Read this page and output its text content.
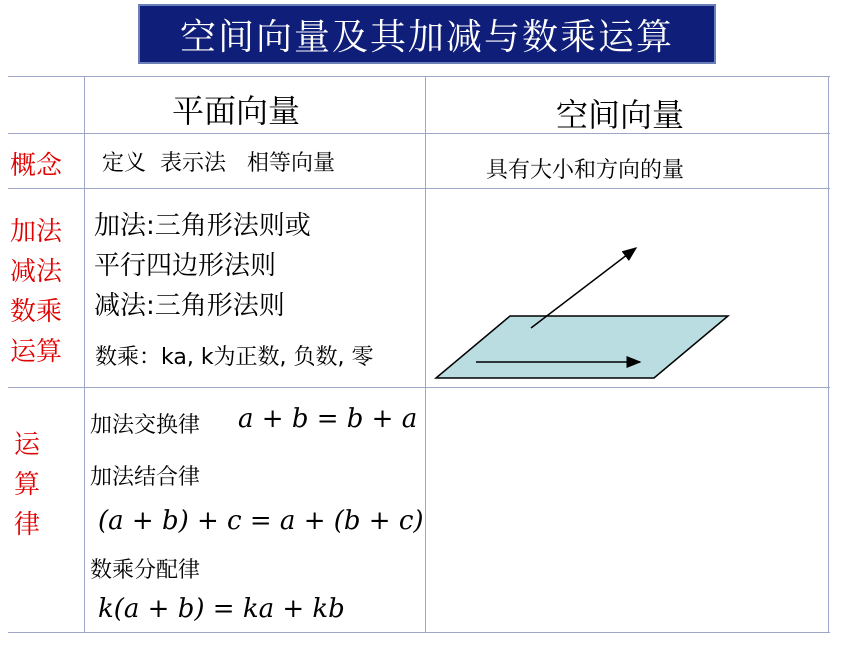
空间向量及其加减与数乘运算
平面向量	空间向量
概念 定义  表示法   相等向量	具有大小和方向的量
加法
减法
数乘
运算
加法:三角形法则或
平行四边形法则
减法:三角形法则
数乘：ka, k为正数, 负数, 零
运
算
律
加法交换律 a + b = b + a
加法结合律
(a + b) + c = a + (b + c)
数乘分配律
k(a + b) = ka + kb
